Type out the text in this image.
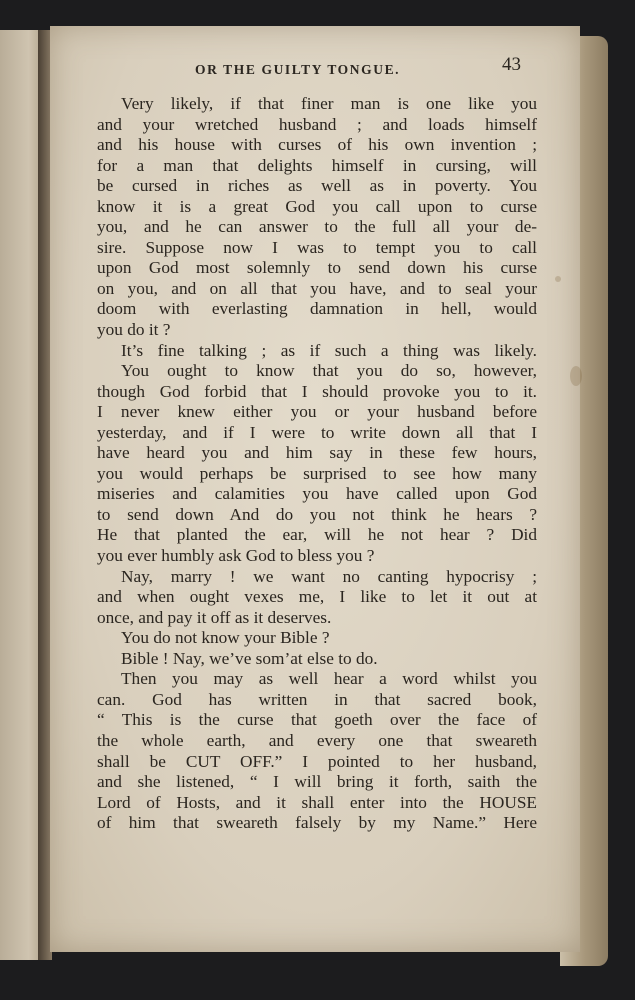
OR THE GUILTY TONGUE.	43
Very likely, if that finer man is one like you
and your wretched husband ; and loads himself
and his house with curses of his own invention ;
for a man that delights himself in cursing, will
be cursed in riches as well as in poverty. You
know it is a great God you call upon to curse
you, and he can answer to the full all your de-
sire. Suppose now I was to tempt you to call
upon God most solemnly to send down his curse
on you, and on all that you have, and to seal your
doom with everlasting damnation in hell, would
you do it ?
It’s fine talking ; as if such a thing was likely.
You ought to know that you do so, however,
though God forbid that I should provoke you to it.
I never knew either you or your husband before
yesterday, and if I were to write down all that I
have heard you and him say in these few hours,
you would perhaps be surprised to see how many
miseries and calamities you have called upon God
to send down And do you not think he hears ?
He that planted the ear, will he not hear ? Did
you ever humbly ask God to bless you ?
Nay, marry ! we want no canting hypocrisy ;
and when ought vexes me, I like to let it out at
once, and pay it off as it deserves.
You do not know your Bible ?
Bible ! Nay, we’ve som’at else to do.
Then you may as well hear a word whilst you
can. God has written in that sacred book,
“ This is the curse that goeth over the face of
the whole earth, and every one that sweareth
shall be CUT OFF.” I pointed to her husband,
and she listened, “ I will bring it forth, saith the
Lord of Hosts, and it shall enter into the HOUSE
of him that sweareth falsely by my Name.” Here
